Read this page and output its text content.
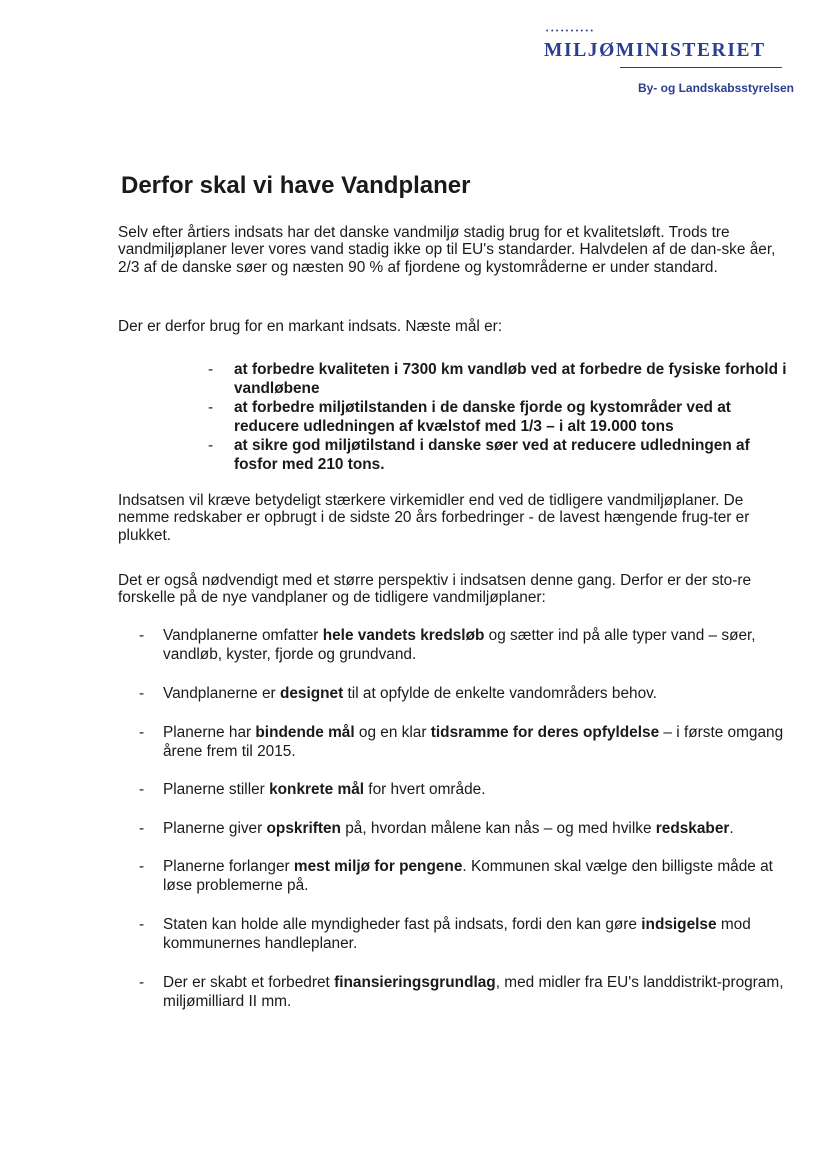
••••••••••
MILJØMINISTERIET
By- og Landskabsstyrelsen
Derfor skal vi have Vandplaner

Selv efter årtiers indsats har det danske vandmiljø stadig brug for et kvalitetsløft. Trods tre vandmiljøplaner lever vores vand stadig ikke op til EU's standarder. Halvdelen af de dan-ske åer, 2/3 af de danske søer og næsten 90 % af fjordene og kystområderne er under standard.

Der er derfor brug for en markant indsats. Næste mål er:

- at forbedre kvaliteten i 7300 km vandløb ved at forbedre de fysiske forhold i vandløbene
- at forbedre miljøtilstanden i de danske fjorde og kystområder ved at reducere udledningen af kvælstof med 1/3 – i alt 19.000 tons
- at sikre god miljøtilstand i danske søer ved at reducere udledningen af fosfor med 210 tons.

Indsatsen vil kræve betydeligt stærkere virkemidler end ved de tidligere vandmiljøplaner. De nemme redskaber er opbrugt i de sidste 20 års forbedringer - de lavest hængende frug-ter er plukket.

Det er også nødvendigt med et større perspektiv i indsatsen denne gang. Derfor er der sto-re forskelle på de nye vandplaner og de tidligere vandmiljøplaner:

-	Vandplanerne omfatter hele vandets kredsløb og sætter ind på alle typer vand – søer, vandløb, kyster, fjorde og grundvand.
-	Vandplanerne er designet til at opfylde de enkelte vandområders behov.
-	Planerne har bindende mål og en klar tidsramme for deres opfyldelse – i første omgang årene frem til 2015.
-	Planerne stiller konkrete mål for hvert område.
-	Planerne giver opskriften på, hvordan målene kan nås – og med hvilke redskaber.
-	Planerne forlanger mest miljø for pengene. Kommunen skal vælge den billigste måde at løse problemerne på.
-	Staten kan holde alle myndigheder fast på indsats, fordi den kan gøre indsigelse mod kommunernes handleplaner.
-	Der er skabt et forbedret finansieringsgrundlag, med midler fra EU's landdistrikt-program, miljømilliard II mm.
